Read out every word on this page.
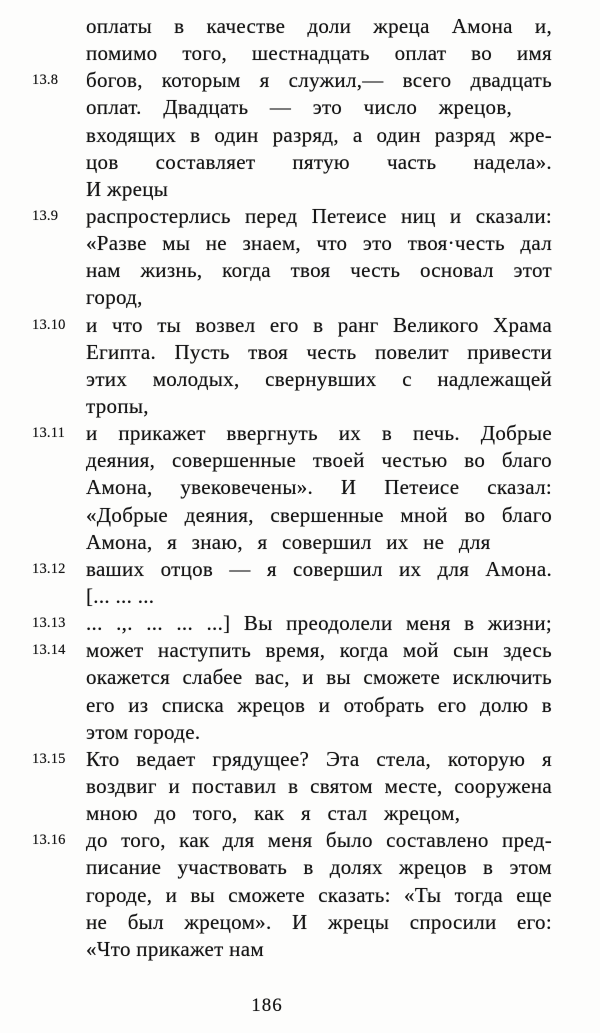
оплаты в качестве доли жреца Амона и,
помимо того, шестнадцать оплат во имя
13.8	богов, которым я служил,— всего двадцать
оплат. Двадцать — это число жрецов,
входящих в один разряд, а один разряд жре-
цов составляет пятую часть надела».
И жрецы
13.9	распростерлись перед Петеисе ниц и сказали:
«Разве мы не знаем, что это твоя·честь дал
нам жизнь, когда твоя честь основал этот
город,
13.10 и что ты возвел его в ранг Великого Храма
Египта. Пусть твоя честь повелит привести
этих молодых, свернувших с надлежащей
тропы,
13.11 и прикажет ввергнуть их в печь. Добрые
деяния, совершенные твоей честью во благо
Амона, увековечены». И Петеисе сказал:
«Добрые деяния, свершенные мной во благо
Амона, я знаю, я совершил их не для
13.12 ваших отцов — я совершил их для Амона.
[... ... ...
13.13 ... .,. ... ... ...] Вы преодолели меня в жизни;
13.14 может наступить время, когда мой сын здесь
окажется слабее вас, и вы сможете исключить
его из списка жрецов и отобрать его долю в
этом городе.
13.15 Кто ведает грядущее? Эта стела, которую я
воздвиг и поставил в святом месте, сооружена
мною до того, как я стал жрецом,
13.16 до того, как для меня было составлено пред-
писание участвовать в долях жрецов в этом
городе, и вы сможете сказать: «Ты тогда еще
не был жрецом». И жрецы спросили его:
«Что прикажет нам
186
